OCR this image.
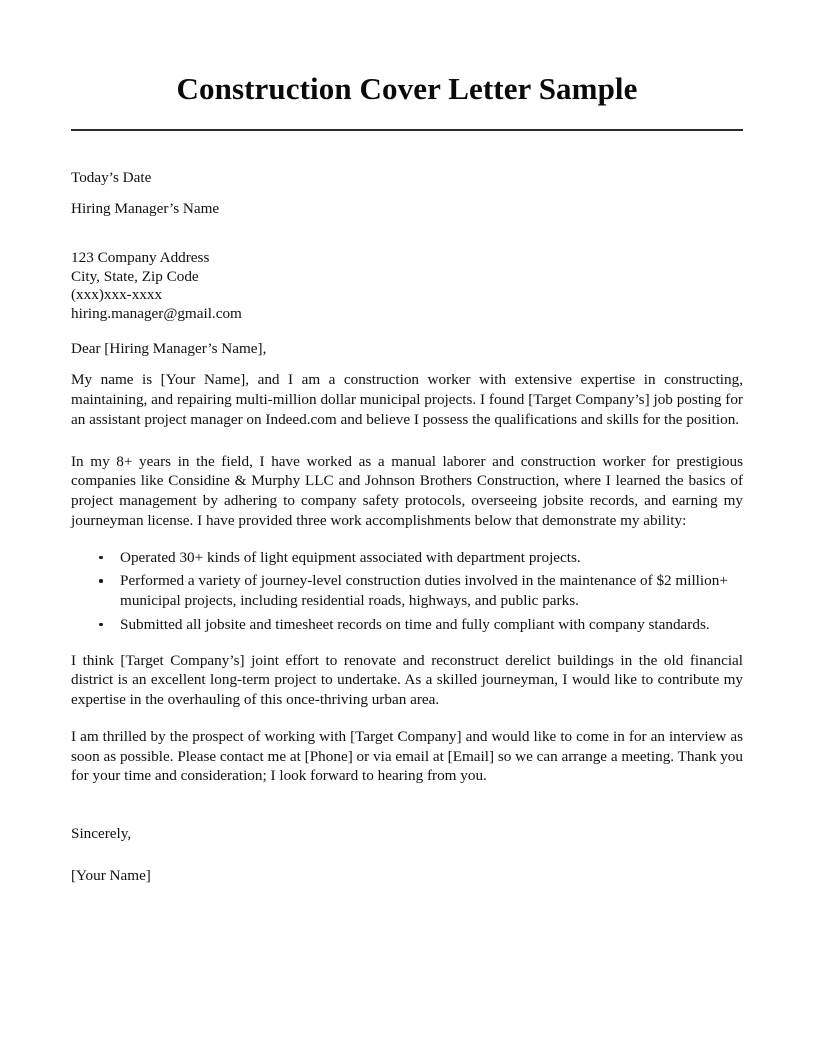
Construction Cover Letter Sample

Today’s Date

Hiring Manager’s Name

123 Company Address
City, State, Zip Code
(xxx)xxx-xxxx
hiring.manager@gmail.com

Dear [Hiring Manager’s Name],

My name is [Your Name], and I am a construction worker with extensive expertise in constructing, maintaining, and repairing multi-million dollar municipal projects. I found [Target Company’s] job posting for an assistant project manager on Indeed.com and believe I possess the qualifications and skills for the position.

In my 8+ years in the field, I have worked as a manual laborer and construction worker for prestigious companies like Considine & Murphy LLC and Johnson Brothers Construction, where I learned the basics of project management by adhering to company safety protocols, overseeing jobsite records, and earning my journeyman license. I have provided three work accomplishments below that demonstrate my ability:

Operated 30+ kinds of light equipment associated with department projects.
Performed a variety of journey-level construction duties involved in the maintenance of $2 million+ municipal projects, including residential roads, highways, and public parks.
Submitted all jobsite and timesheet records on time and fully compliant with company standards.

I think [Target Company’s] joint effort to renovate and reconstruct derelict buildings in the old financial district is an excellent long-term project to undertake. As a skilled journeyman, I would like to contribute my expertise in the overhauling of this once-thriving urban area.

I am thrilled by the prospect of working with [Target Company] and would like to come in for an interview as soon as possible. Please contact me at [Phone] or via email at [Email] so we can arrange a meeting. Thank you for your time and consideration; I look forward to hearing from you.

Sincerely,

[Your Name]
